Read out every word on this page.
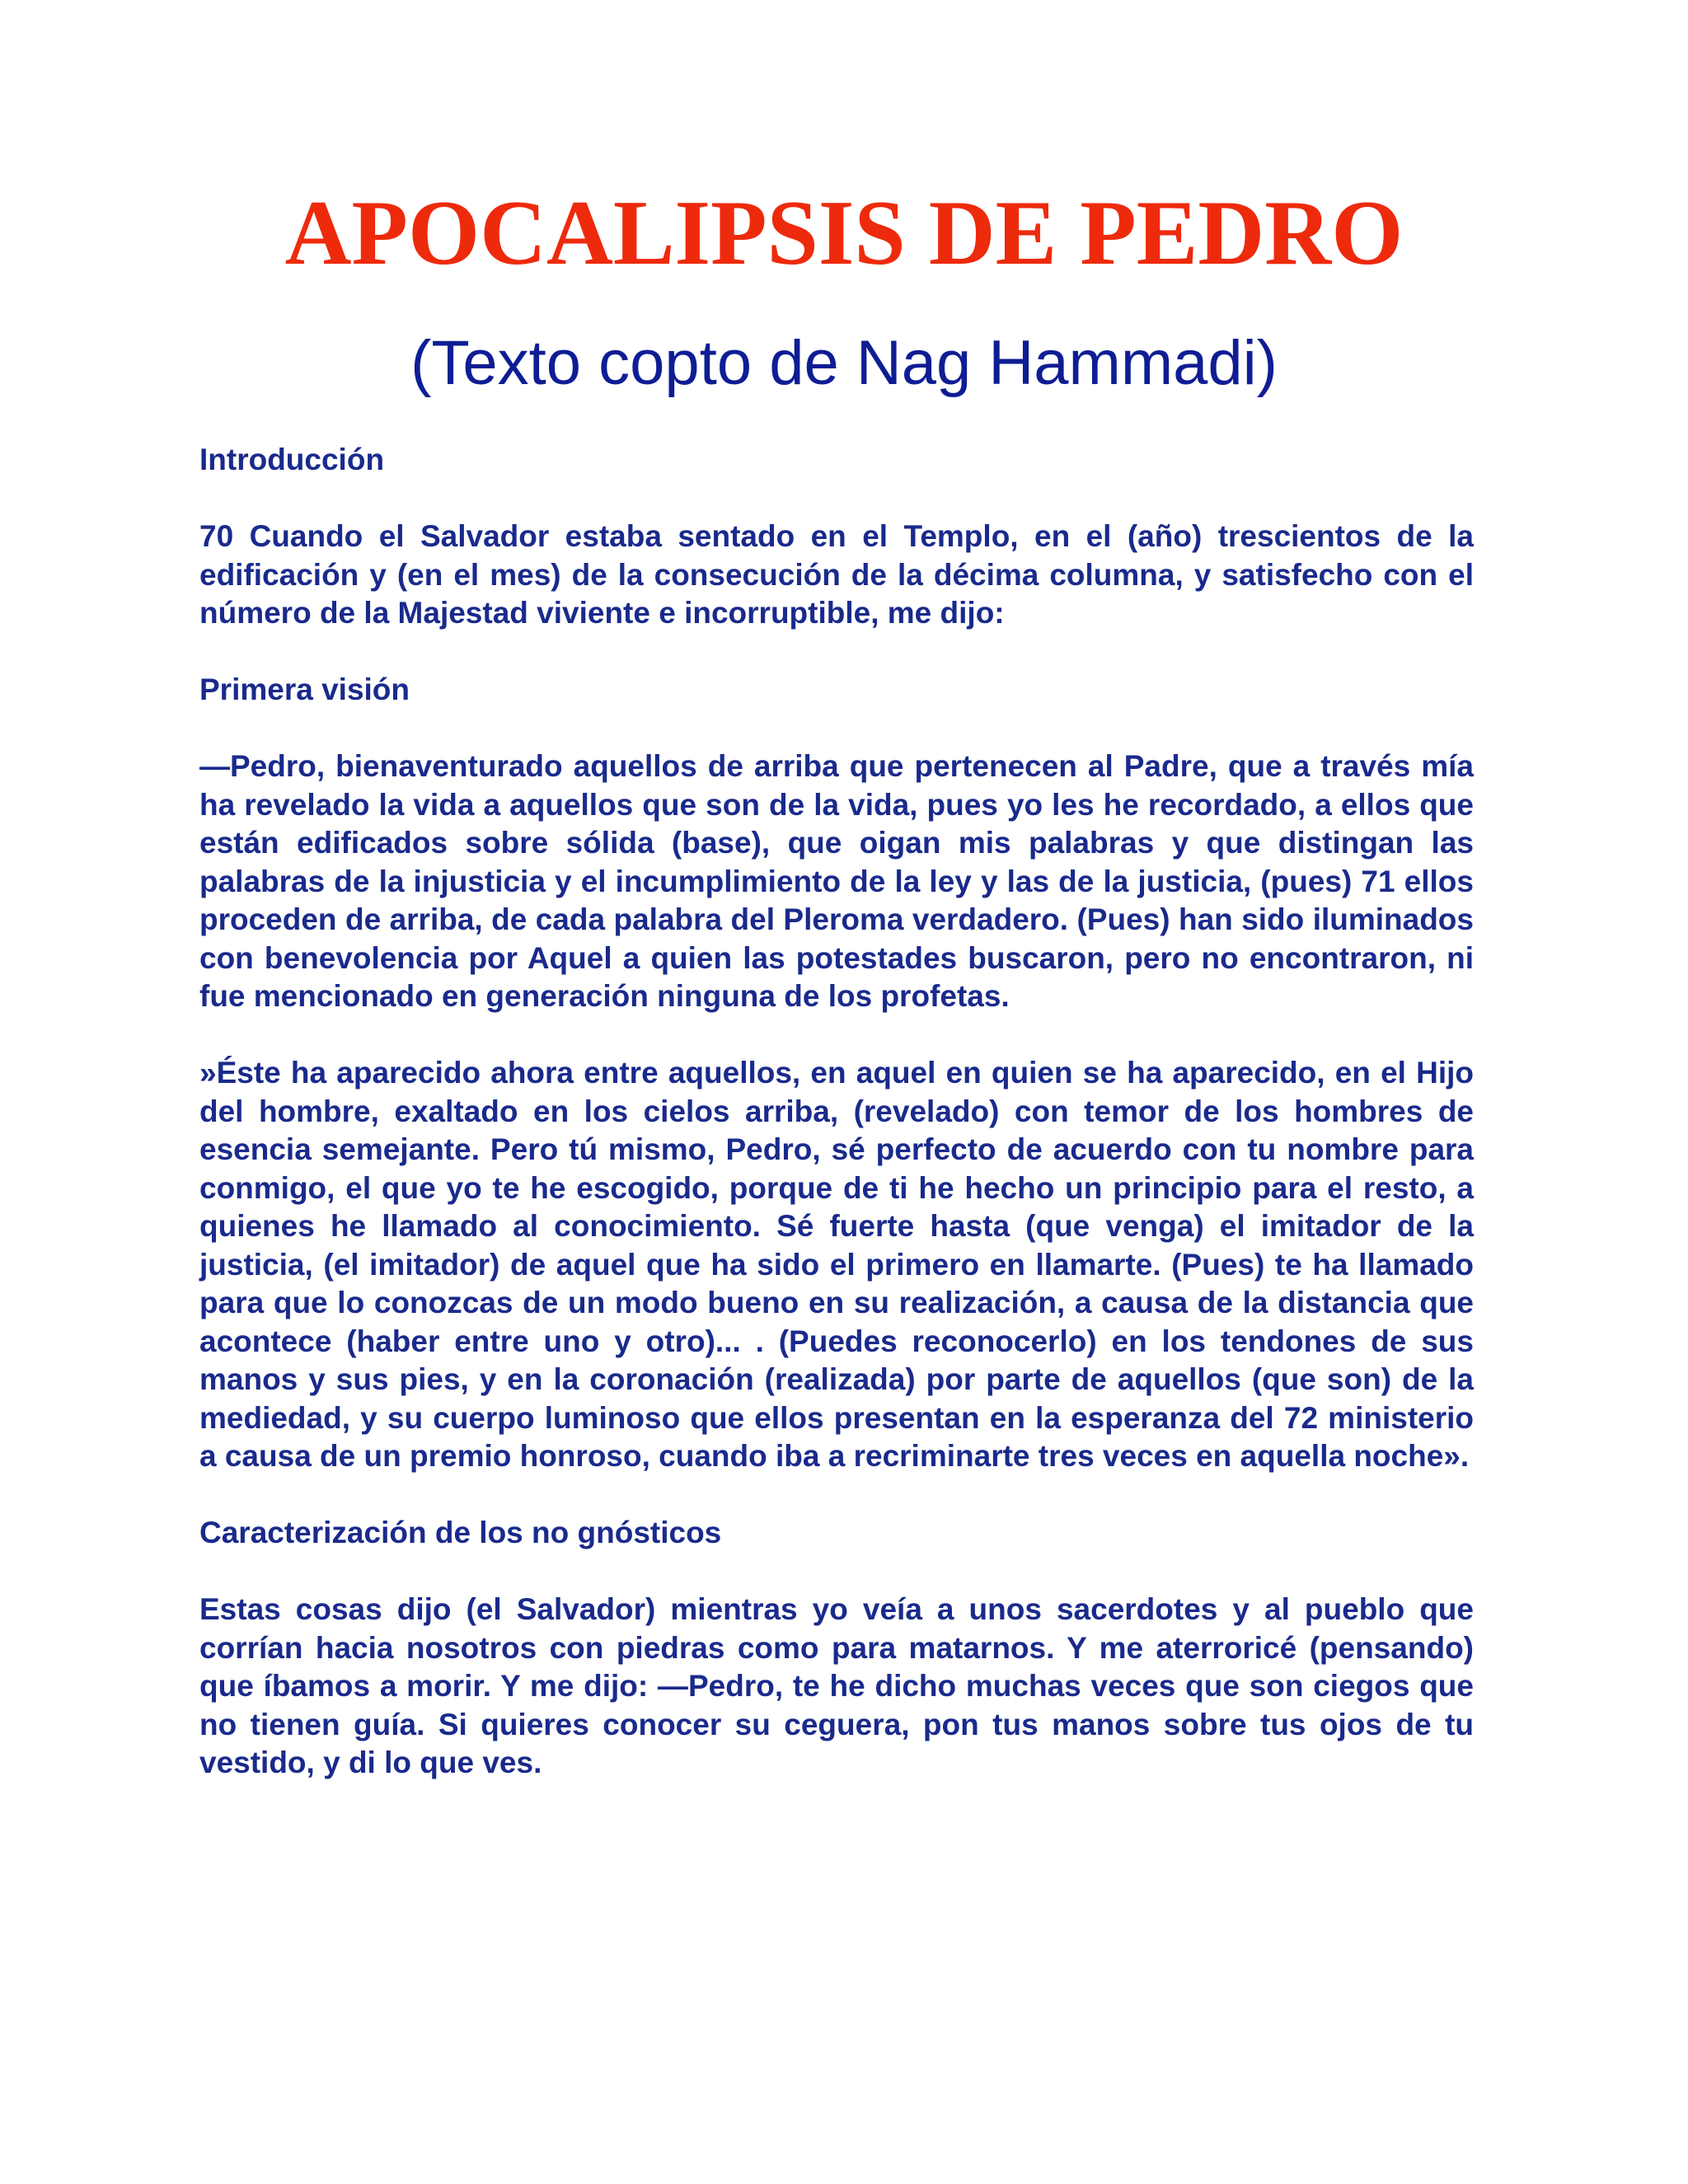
APOCALIPSIS DE PEDRO
(Texto copto de Nag Hammadi)
Introducción

70 Cuando el Salvador estaba sentado en el Templo, en el (año) trescientos de la edificación y (en el mes) de la consecución de la décima columna, y satisfecho con el número de la Majestad viviente e incorruptible, me dijo:

Primera visión

—Pedro, bienaventurado aquellos de arriba que pertenecen al Padre, que a través mía ha revelado la vida a aquellos que son de la vida, pues yo les he recordado, a ellos que están edificados sobre sólida (base), que oigan mis palabras y que distingan las palabras de la injusticia y el incumplimiento de la ley y las de la justicia, (pues) 71 ellos proceden de arriba, de cada palabra del Pleroma verdadero. (Pues) han sido iluminados con benevolencia por Aquel a quien las potestades buscaron, pero no encontraron, ni fue mencionado en generación ninguna de los profetas.

»Éste ha aparecido ahora entre aquellos, en aquel en quien se ha aparecido, en el Hijo del hombre, exaltado en los cielos arriba, (revelado) con temor de los hombres de esencia semejante. Pero tú mismo, Pedro, sé perfecto de acuerdo con tu nombre para conmigo, el que yo te he escogido, porque de ti he hecho un principio para el resto, a quienes he llamado al conocimiento. Sé fuerte hasta (que venga) el imitador de la justicia, (el imitador) de aquel que ha sido el primero en llamarte. (Pues) te ha llamado para que lo conozcas de un modo bueno en su realización, a causa de la distancia que acontece (haber entre uno y otro)... . (Puedes reconocerlo) en los tendones de sus manos y sus pies, y en la coronación (realizada) por parte de aquellos (que son) de la mediedad, y su cuerpo luminoso que ellos presentan en la esperanza del 72 ministerio a causa de un premio honroso, cuando iba a recriminarte tres veces en aquella noche».

Caracterización de los no gnósticos

Estas cosas dijo (el Salvador) mientras yo veía a unos sacerdotes y al pueblo que corrían hacia nosotros con piedras como para matarnos. Y me aterroricé (pensando) que íbamos a morir. Y me dijo: —Pedro, te he dicho muchas veces que son ciegos que no tienen guía. Si quieres conocer su ceguera, pon tus manos sobre tus ojos de tu vestido, y di lo que ves.
